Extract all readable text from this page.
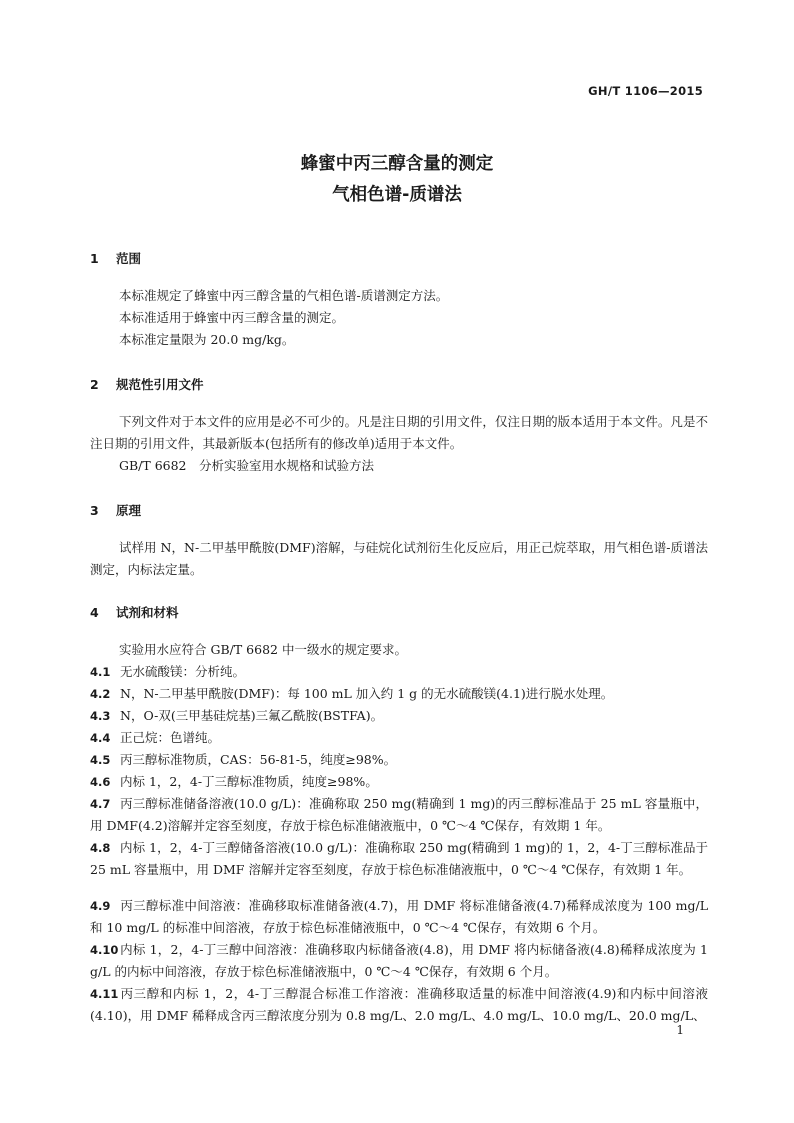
GH/T 1106—2015
蜂蜜中丙三醇含量的测定
气相色谱-质谱法
1 范围
本标准规定了蜂蜜中丙三醇含量的气相色谱-质谱测定方法。
本标准适用于蜂蜜中丙三醇含量的测定。
本标准定量限为 20.0 mg/kg。
2 规范性引用文件
下列文件对于本文件的应用是必不可少的。凡是注日期的引用文件，仅注日期的版本适用于本文件。凡是不注日期的引用文件，其最新版本(包括所有的修改单)适用于本文件。
GB/T 6682　分析实验室用水规格和试验方法
3 原理
试样用 N，N-二甲基甲酰胺(DMF)溶解，与硅烷化试剂衍生化反应后，用正己烷萃取，用气相色谱-质谱法测定，内标法定量。
4 试剂和材料
实验用水应符合 GB/T 6682 中一级水的规定要求。
4.1 无水硫酸镁：分析纯。
4.2 N，N-二甲基甲酰胺(DMF)：每 100 mL 加入约 1 g 的无水硫酸镁(4.1)进行脱水处理。
4.3 N，O-双(三甲基硅烷基)三氟乙酰胺(BSTFA)。
4.4 正己烷：色谱纯。
4.5 丙三醇标准物质，CAS：56-81-5，纯度≥98%。
4.6 内标 1，2，4-丁三醇标准物质，纯度≥98%。
4.7 丙三醇标准储备溶液(10.0 g/L)：准确称取 250 mg(精确到 1 mg)的丙三醇标准品于 25 mL 容量瓶中，用 DMF(4.2)溶解并定容至刻度，存放于棕色标准储液瓶中，0 ℃～4 ℃保存，有效期 1 年。
4.8 内标 1，2，4-丁三醇储备溶液(10.0 g/L)：准确称取 250 mg(精确到 1 mg)的 1，2，4-丁三醇标准品于 25 mL 容量瓶中，用 DMF 溶解并定容至刻度，存放于棕色标准储液瓶中，0 ℃～4 ℃保存，有效期 1 年。
4.9 丙三醇标准中间溶液：准确移取标准储备液(4.7)，用 DMF 将标准储备液(4.7)稀释成浓度为 100 mg/L 和 10 mg/L 的标准中间溶液，存放于棕色标准储液瓶中，0 ℃～4 ℃保存，有效期 6 个月。
4.10 内标 1，2，4-丁三醇中间溶液：准确移取内标储备液(4.8)，用 DMF 将内标储备液(4.8)稀释成浓度为 1 g/L 的内标中间溶液，存放于棕色标准储液瓶中，0 ℃～4 ℃保存，有效期 6 个月。
4.11 丙三醇和内标 1，2，4-丁三醇混合标准工作溶液：准确移取适量的标准中间溶液(4.9)和内标中间溶液(4.10)，用 DMF 稀释成含丙三醇浓度分别为 0.8 mg/L、2.0 mg/L、4.0 mg/L、10.0 mg/L、20.0 mg/L、
1
